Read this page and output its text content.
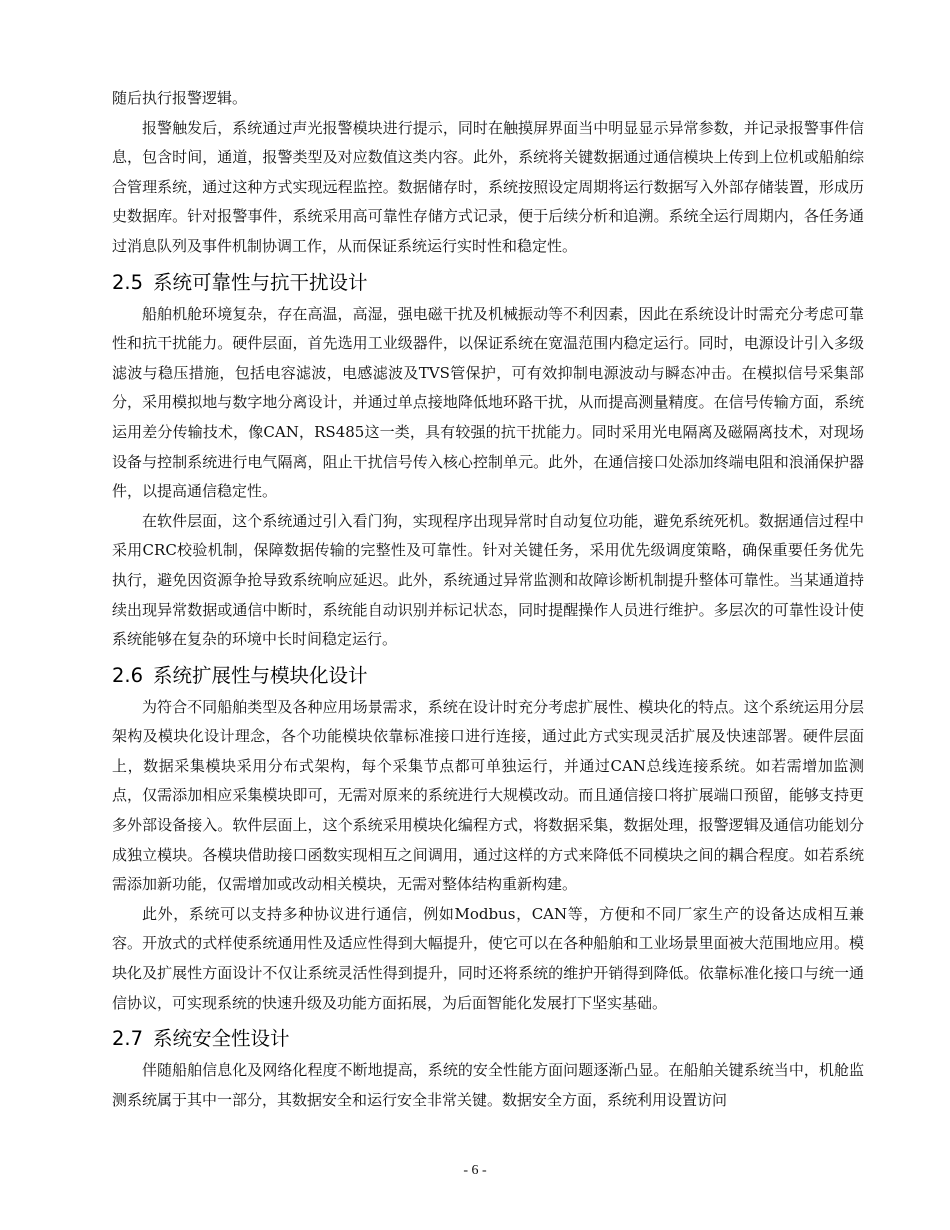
随后执行报警逻辑。

报警触发后，系统通过声光报警模块进行提示，同时在触摸屏界面当中明显显示异常参数，并记录报警事件信息，包含时间，通道，报警类型及对应数值这类内容。此外，系统将关键数据通过通信模块上传到上位机或船舶综合管理系统，通过这种方式实现远程监控。数据储存时，系统按照设定周期将运行数据写入外部存储装置，形成历史数据库。针对报警事件，系统采用高可靠性存储方式记录，便于后续分析和追溯。系统全运行周期内，各任务通过消息队列及事件机制协调工作，从而保证系统运行实时性和稳定性。

2.5 系统可靠性与抗干扰设计

船舶机舱环境复杂，存在高温，高湿，强电磁干扰及机械振动等不利因素，因此在系统设计时需充分考虑可靠性和抗干扰能力。硬件层面，首先选用工业级器件，以保证系统在宽温范围内稳定运行。同时，电源设计引入多级滤波与稳压措施，包括电容滤波，电感滤波及TVS管保护，可有效抑制电源波动与瞬态冲击。在模拟信号采集部分，采用模拟地与数字地分离设计，并通过单点接地降低地环路干扰，从而提高测量精度。在信号传输方面，系统运用差分传输技术，像CAN，RS485这一类，具有较强的抗干扰能力。同时采用光电隔离及磁隔离技术，对现场设备与控制系统进行电气隔离，阻止干扰信号传入核心控制单元。此外，在通信接口处添加终端电阻和浪涌保护器件，以提高通信稳定性。

在软件层面，这个系统通过引入看门狗，实现程序出现异常时自动复位功能，避免系统死机。数据通信过程中采用CRC校验机制，保障数据传输的完整性及可靠性。针对关键任务，采用优先级调度策略，确保重要任务优先执行，避免因资源争抢导致系统响应延迟。此外，系统通过异常监测和故障诊断机制提升整体可靠性。当某通道持续出现异常数据或通信中断时，系统能自动识别并标记状态，同时提醒操作人员进行维护。多层次的可靠性设计使系统能够在复杂的环境中长时间稳定运行。

2.6 系统扩展性与模块化设计

为符合不同船舶类型及各种应用场景需求，系统在设计时充分考虑扩展性、模块化的特点。这个系统运用分层架构及模块化设计理念，各个功能模块依靠标准接口进行连接，通过此方式实现灵活扩展及快速部署。硬件层面上，数据采集模块采用分布式架构，每个采集节点都可单独运行，并通过CAN总线连接系统。如若需增加监测点，仅需添加相应采集模块即可，无需对原来的系统进行大规模改动。而且通信接口将扩展端口预留，能够支持更多外部设备接入。软件层面上，这个系统采用模块化编程方式，将数据采集，数据处理，报警逻辑及通信功能划分成独立模块。各模块借助接口函数实现相互之间调用，通过这样的方式来降低不同模块之间的耦合程度。如若系统需添加新功能，仅需增加或改动相关模块，无需对整体结构重新构建。

此外，系统可以支持多种协议进行通信，例如Modbus，CAN等，方便和不同厂家生产的设备达成相互兼容。开放式的式样使系统通用性及适应性得到大幅提升，使它可以在各种船舶和工业场景里面被大范围地应用。模块化及扩展性方面设计不仅让系统灵活性得到提升，同时还将系统的维护开销得到降低。依靠标准化接口与统一通信协议，可实现系统的快速升级及功能方面拓展，为后面智能化发展打下坚实基础。

2.7 系统安全性设计

伴随船舶信息化及网络化程度不断地提高，系统的安全性能方面问题逐渐凸显。在船舶关键系统当中，机舱监测系统属于其中一部分，其数据安全和运行安全非常关键。数据安全方面，系统利用设置访问

- 6 -
